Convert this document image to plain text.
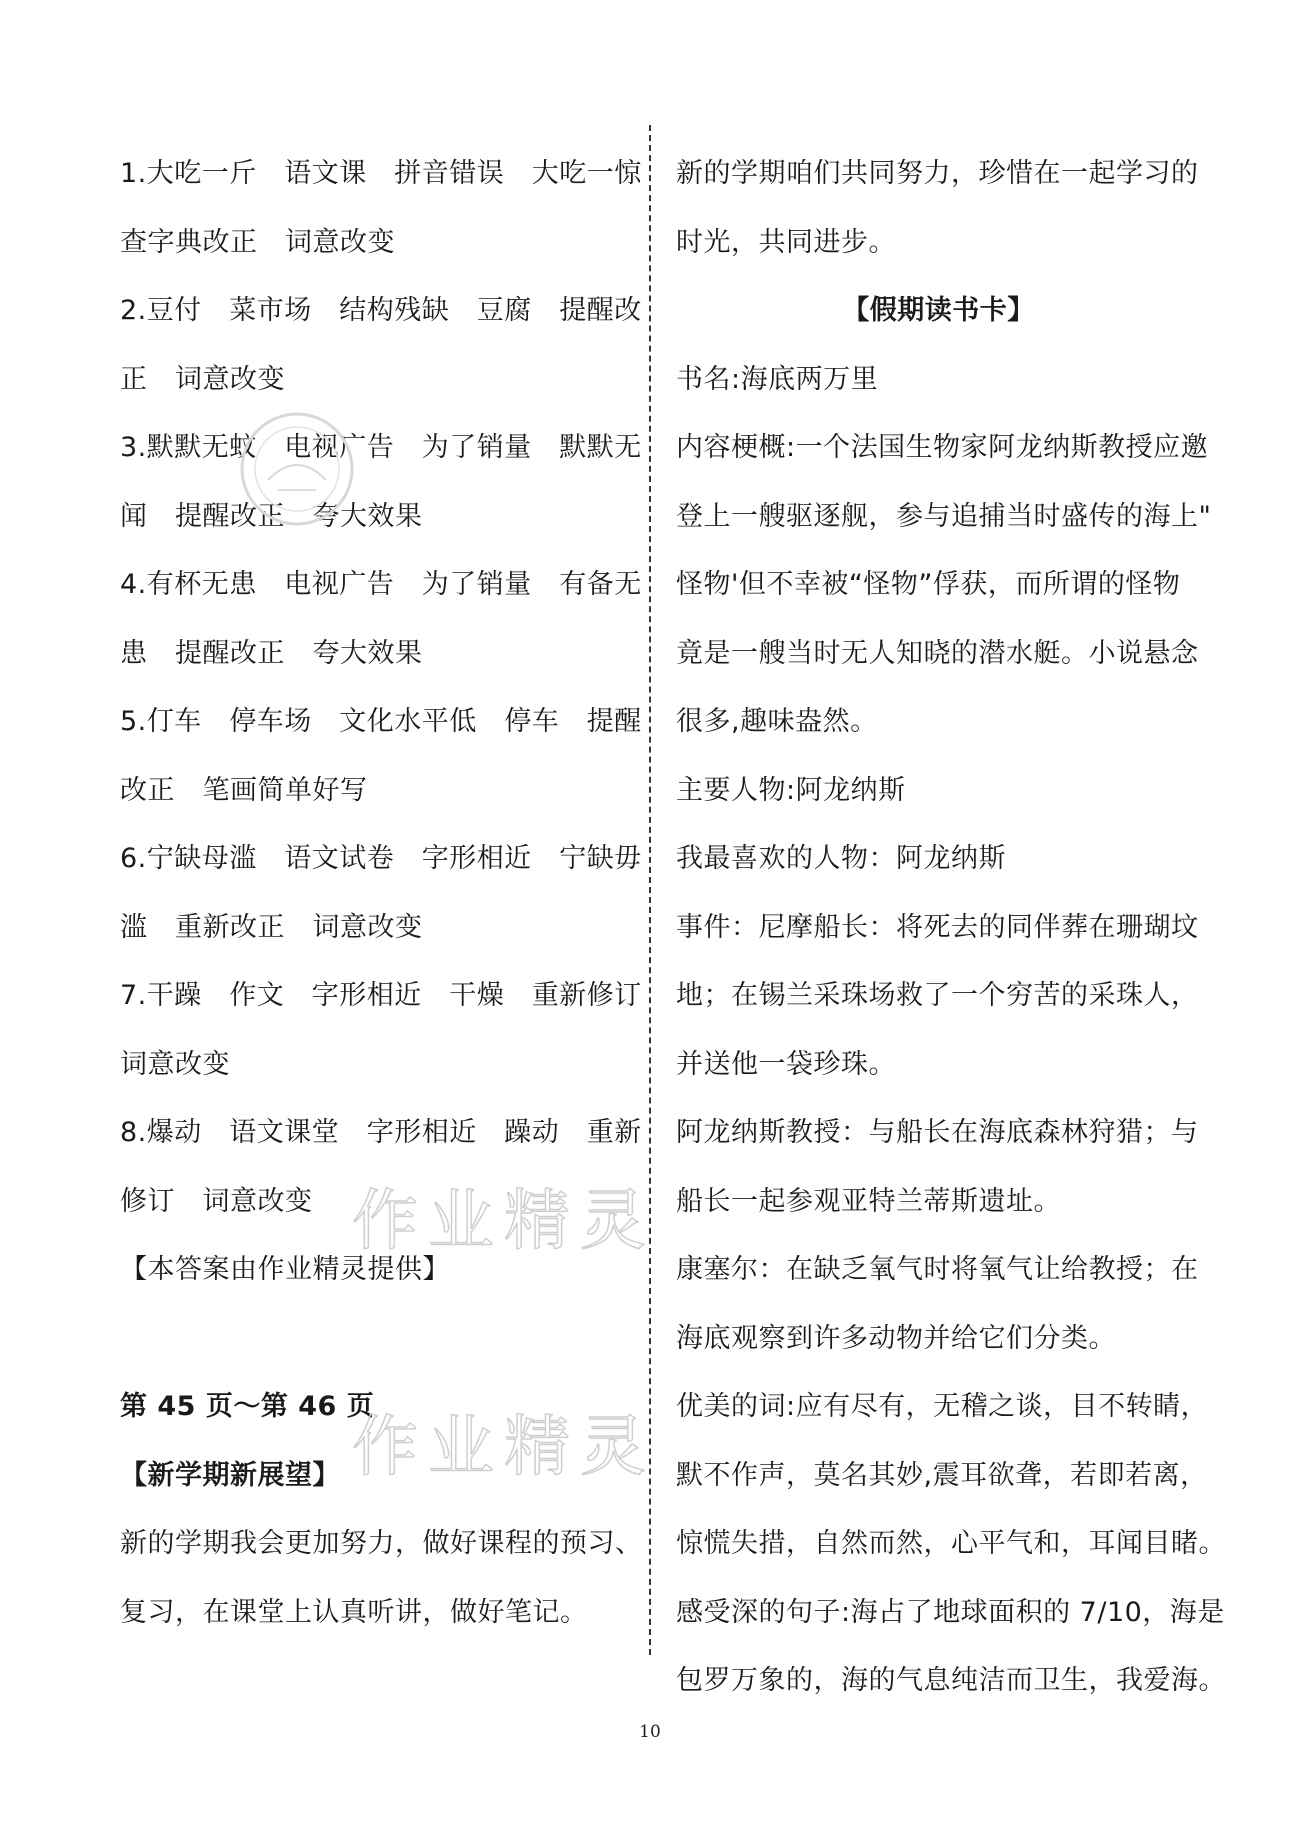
1.大吃一斤　语文课　拼音错误　大吃一惊
查字典改正　词意改变
2.豆付　菜市场　结构残缺　豆腐　提醒改
正　词意改变
3.默默无蚊　电视广告　为了销量　默默无
闻　提醒改正　夸大效果
4.有杯无患　电视广告　为了销量　有备无
患　提醒改正　夸大效果
5.仃车　停车场　文化水平低　停车　提醒
改正　笔画简单好写
6.宁缺母滥　语文试卷　字形相近　宁缺毋
滥　重新改正　词意改变
7.干躁　作文　字形相近　干燥　重新修订
词意改变
8.爆动　语文课堂　字形相近　躁动　重新
修订　词意改变
【本答案由作业精灵提供】
第 45 页～第 46 页
【新学期新展望】
新的学期我会更加努力，做好课程的预习、
复习，在课堂上认真听讲，做好笔记。
新的学期咱们共同努力，珍惜在一起学习的
时光，共同进步。
【假期读书卡】
书名:海底两万里
内容梗概:一个法国生物家阿龙纳斯教授应邀
登上一艘驱逐舰，参与追捕当时盛传的海上"
怪物'但不幸被“怪物”俘获，而所谓的怪物
竟是一艘当时无人知晓的潜水艇。小说悬念
很多,趣味盎然。
主要人物:阿龙纳斯
我最喜欢的人物：阿龙纳斯
事件：尼摩船长：将死去的同伴葬在珊瑚坟
地；在锡兰采珠场救了一个穷苦的采珠人，
并送他一袋珍珠。
阿龙纳斯教授：与船长在海底森林狩猎；与
船长一起参观亚特兰蒂斯遗址。
康塞尔：在缺乏氧气时将氧气让给教授；在
海底观察到许多动物并给它们分类。
优美的词:应有尽有，无稽之谈，目不转睛，
默不作声，莫名其妙,震耳欲聋，若即若离，
惊慌失措，自然而然，心平气和，耳闻目睹。
感受深的句子:海占了地球面积的 7/10，海是
包罗万象的，海的气息纯洁而卫生，我爱海。
作业精灵
作业精灵
10
